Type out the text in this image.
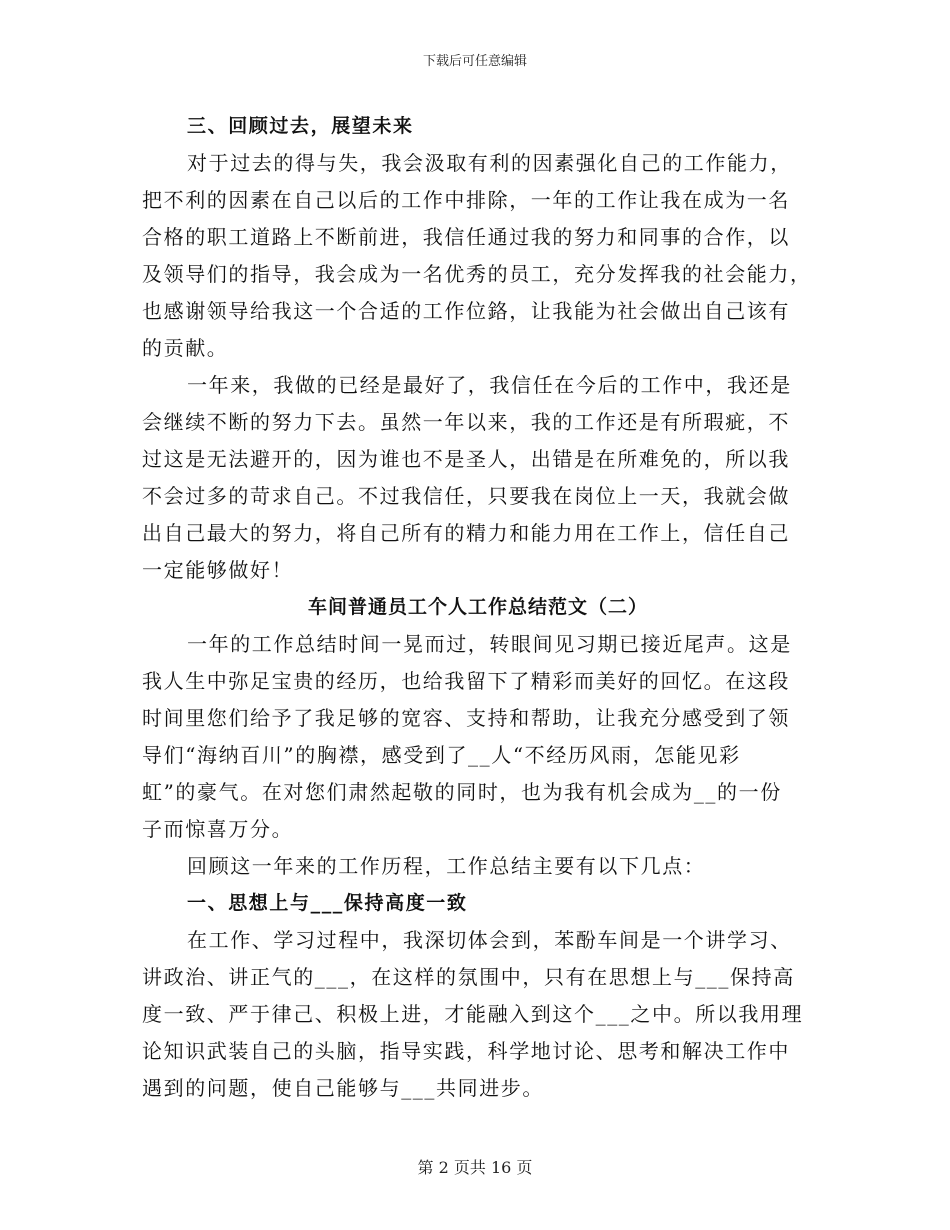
下载后可任意编辑
三、回顾过去，展望未来
对于过去的得与失，我会汲取有利的因素强化自己的工作能力，
把不利的因素在自己以后的工作中排除，一年的工作让我在成为一名
合格的职工道路上不断前进，我信任通过我的努力和同事的合作，以
及领导们的指导，我会成为一名优秀的员工，充分发挥我的社会能力，
也感谢领导给我这一个合适的工作位鉻，让我能为社会做出自己该有
的贡献。
一年来，我做的已经是最好了，我信任在今后的工作中，我还是
会继续不断的努力下去。虽然一年以来，我的工作还是有所瑕疵，不
过这是无法避开的，因为谁也不是圣人，出错是在所难免的，所以我
不会过多的苛求自己。不过我信任，只要我在岗位上一天，我就会做
出自己最大的努力，将自己所有的精力和能力用在工作上，信任自己
一定能够做好！
车间普通员工个人工作总结范文（二）
一年的工作总结时间一晃而过，转眼间见习期已接近尾声。这是
我人生中弥足宝贵的经历，也给我留下了精彩而美好的回忆。在这段
时间里您们给予了我足够的宽容、支持和帮助，让我充分感受到了领
导们“海纳百川”的胸襟，感受到了__人“不经历风雨，怎能见彩
虹”的豪气。在对您们肃然起敬的同时，也为我有机会成为__的一份
子而惊喜万分。
回顾这一年来的工作历程，工作总结主要有以下几点：
一、思想上与___保持高度一致
在工作、学习过程中，我深切体会到，苯酚车间是一个讲学习、
讲政治、讲正气的___，在这样的氛围中，只有在思想上与___保持高
度一致、严于律己、积极上进，才能融入到这个___之中。所以我用理
论知识武装自己的头脑，指导实践，科学地讨论、思考和解决工作中
遇到的问题，使自己能够与___共同进步。
第 2 页共 16 页
